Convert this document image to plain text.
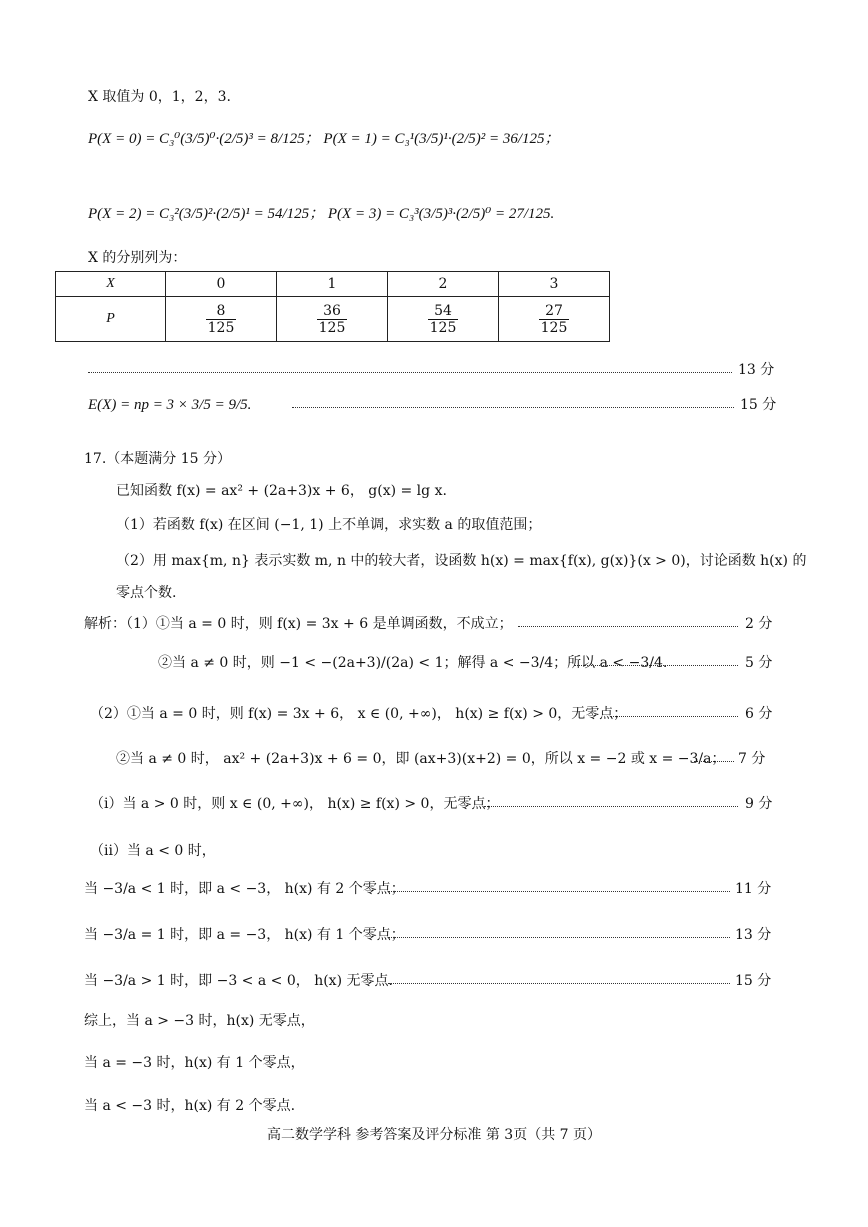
X 取值为 0，1，2，3.
P(X = 0) = C₃⁰(3/5)⁰·(2/5)³ = 8/125； P(X = 1) = C₃¹(3/5)¹·(2/5)² = 36/125；
P(X = 2) = C₃²(3/5)²·(2/5)¹ = 54/125； P(X = 3) = C₃³(3/5)³·(2/5)⁰ = 27/125.
X 的分别列为：
X	0	1	2	3
P	$\frac{8}{125}$	$\frac{36}{125}$	$\frac{54}{125}$	$\frac{27}{125}$
13 分
E(X) = np = 3 × 3/5 = 9/5.	15 分
17.（本题满分 15 分）
已知函数 f(x) = ax² + (2a+3)x + 6， g(x) = lg x.
（1）若函数 f(x) 在区间 (−1, 1) 上不单调，求实数 a 的取值范围；
（2）用 max{m, n} 表示实数 m, n 中的较大者，设函数 h(x) = max{f(x), g(x)}(x > 0)，讨论函数 h(x) 的
零点个数.
解析：（1）①当 a = 0 时，则 f(x) = 3x + 6 是单调函数，不成立；	2 分
②当 a ≠ 0 时，则 −1 < −(2a+3)/(2a) < 1；解得 a < −3/4；所以 a < −3/4.	5 分
（2）①当 a = 0 时，则 f(x) = 3x + 6， x ∈ (0, +∞)， h(x) ≥ f(x) > 0，无零点；	6 分
②当 a ≠ 0 时， ax² + (2a+3)x + 6 = 0，即 (ax+3)(x+2) = 0，所以 x = −2 或 x = −3/a； 7 分
（i）当 a > 0 时，则 x ∈ (0, +∞)， h(x) ≥ f(x) > 0，无零点；	9 分
（ii）当 a < 0 时，
当 −3/a < 1 时，即 a < −3， h(x) 有 2 个零点；	11 分
当 −3/a = 1 时，即 a = −3， h(x) 有 1 个零点；	13 分
当 −3/a > 1 时，即 −3 < a < 0， h(x) 无零点.	15 分
综上，当 a > −3 时，h(x) 无零点，
当 a = −3 时，h(x) 有 1 个零点，
当 a < −3 时，h(x) 有 2 个零点.
高二数学学科 参考答案及评分标准 第 3页（共 7 页）
